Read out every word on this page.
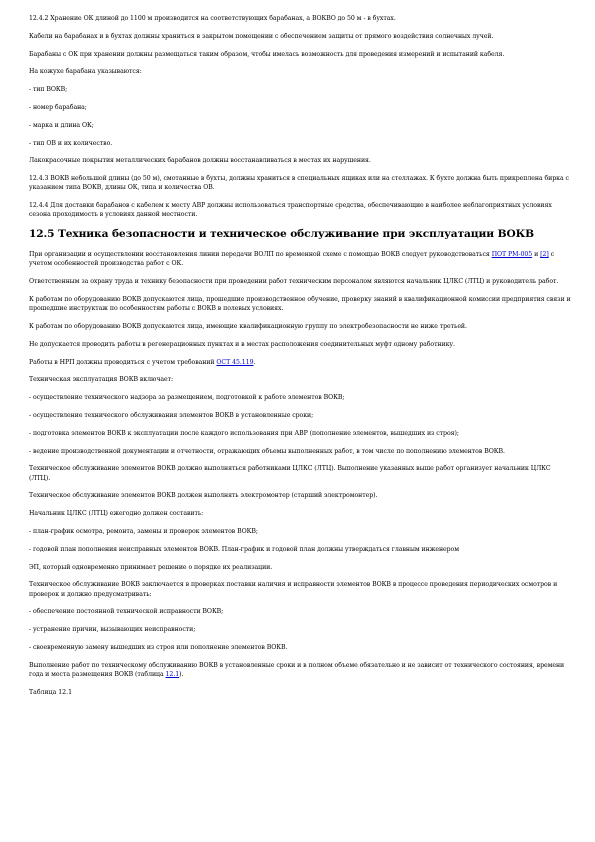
12.4.2 Хранение ОК длиной до 1100 м производится на соответствующих барабанах, а ВОКВО до 50 м - в бухтах.

Кабели на барабанах и в бухтах должны храниться в закрытом помещении с обеспечением защиты от прямого воздействия солнечных лучей.

Барабаны с ОК при хранении должны размещаться таким образом, чтобы имелась возможность для проведения измерений и испытаний кабеля.

На кожухе барабана указываются:

- тип ВОКВ;

- номер барабана;

- марка и длина ОК;

- тип ОВ и их количество.

Лакокрасочные покрытия металлических барабанов должны восстанавливаться в местах их нарушения.

12.4.3 ВОКВ небольшой длины (до 50 м), смотанные в бухты, должны храниться в специальных ящиках или на стеллажах. К бухте должна быть прикреплена бирка с указанием типа ВОКВ, длины ОК, типа и количества ОВ.

12.4.4 Для доставки барабанов с кабелем к месту АВР должны использоваться транспортные средства, обеспечивающие в наиболее неблагоприятных условиях сезона проходимость в условиях данной местности.

12.5 Техника безопасности и техническое обслуживание при эксплуатации ВОКВ

При организации и осуществлении восстановления линии передачи ВОЛП по временной схеме с помощью ВОКВ следует руководствоваться ПОТ РМ-005 и [2] с учетом особенностей производства работ с ОК.

Ответственным за охрану труда и технику безопасности при проведении работ техническим персоналом являются начальник ЦЛКС (ЛТЦ) и руководитель работ.

К работам по оборудованию ВОКВ допускаются лица, прошедшие производственное обучение, проверку знаний в квалификационной комиссии предприятия связи и прошедшие инструктаж по особенностям работы с ВОКВ в полевых условиях.

К работам по оборудованию ВОКВ допускаются лица, имеющие квалификационную группу по электробезопасности не ниже третьей.

Не допускается проводить работы в регенерационных пунктах и в местах расположения соединительных муфт одному работнику.

Работы в НРП должны проводиться с учетом требований ОСТ 45.119.

Техническая эксплуатация ВОКВ включает:

- осуществление технического надзора за размещением, подготовкой к работе элементов ВОКВ;

- осуществление технического обслуживания элементов ВОКВ в установленные сроки;

- подготовка элементов ВОКВ к эксплуатации после каждого использования при АВР (пополнение элементов, вышедших из строя);

- ведение производственной документации и отчетности, отражающих объемы выполненных работ, в том числе по пополнению элементов ВОКВ.

Техническое обслуживание элементов ВОКВ должно выполняться работниками ЦЛКС (ЛТЦ). Выполнение указанных выше работ организует начальник ЦЛКС (ЛТЦ).

Техническое обслуживание элементов ВОКВ должен выполнять электромонтер (старший электромонтер).

Начальник ЦЛКС (ЛТЦ) ежегодно должен составить:

- план-график осмотра, ремонта, замены и проверок элементов ВОКВ;

- годовой план пополнения неисправных элементов ВОКВ. План-график и годовой план должны утверждаться главным инженером

ЭП, который одновременно принимает решение о порядке их реализации.

Техническое обслуживание ВОКВ заключается в проверках поставки наличия и исправности элементов ВОКВ в процессе проведения периодических осмотров и проверок и должно предусматривать:

- обеспечение постоянной технической исправности ВОКВ;

- устранение причин, вызывающих неисправности;

- своевременную замену вышедших из строя или пополнение элементов ВОКВ.

Выполнение работ по техническому обслуживанию ВОКВ в установленные сроки и в полном объеме обязательно и не зависит от технического состояния, времени года и места размещения ВОКВ (таблица 12.1).

Таблица 12.1
